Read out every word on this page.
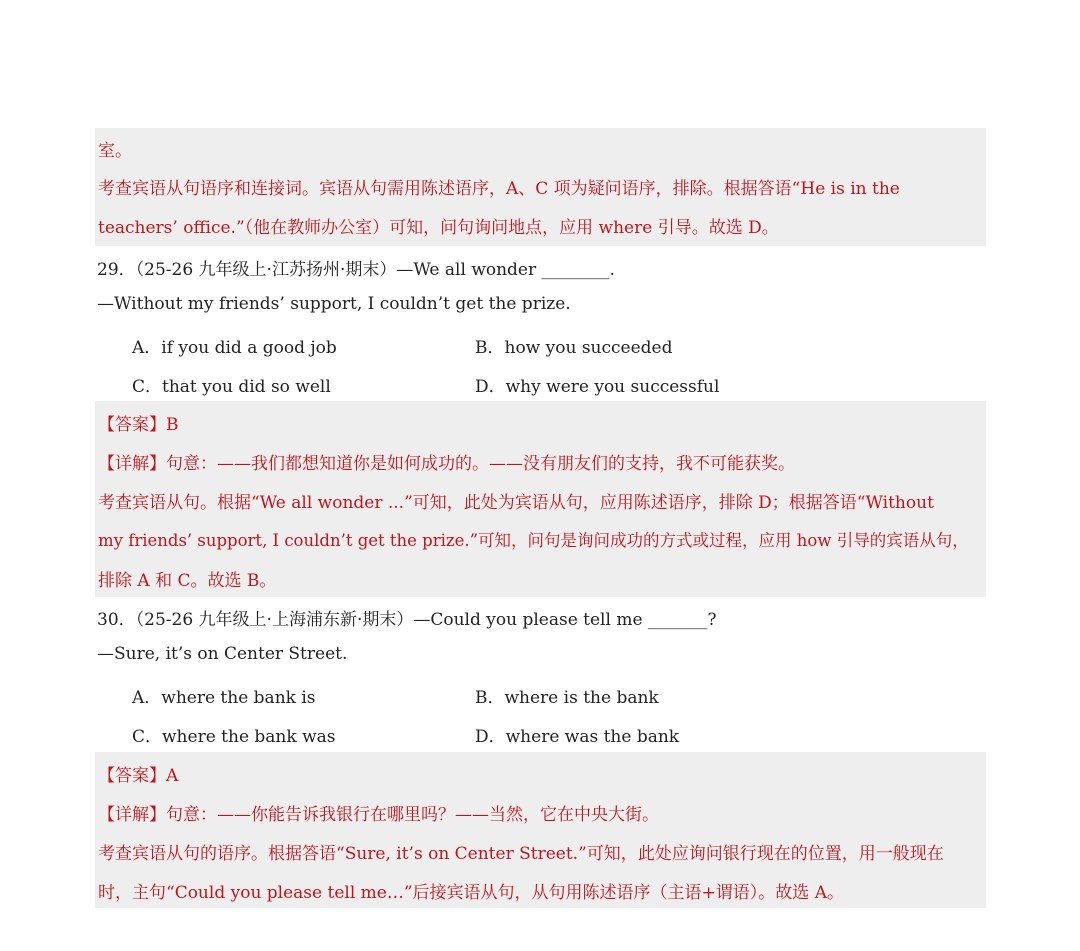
室。
考查宾语从句语序和连接词。宾语从句需用陈述语序，A、C 项为疑问语序，排除。根据答语“He is in the
teachers’ office.”（他在教师办公室）可知，问句询问地点，应用 where 引导。故选 D。
29．（25-26 九年级上·江苏扬州·期末）—We all wonder ________.
—Without my friends’ support, I couldn’t get the prize.
A．if you did a good job	B．how you succeeded
C．that you did so well	D．why were you successful
【答案】B
【详解】句意：——我们都想知道你是如何成功的。——没有朋友们的支持，我不可能获奖。
考查宾语从句。根据“We all wonder ...”可知，此处为宾语从句，应用陈述语序，排除 D；根据答语“Without
my friends’ support, I couldn’t get the prize.”可知，问句是询问成功的方式或过程，应用 how 引导的宾语从句，
排除 A 和 C。故选 B。
30．（25-26 九年级上·上海浦东新·期末）—Could you please tell me _______?
—Sure, it’s on Center Street.
A．where the bank is	B．where is the bank
C．where the bank was	D．where was the bank
【答案】A
【详解】句意：——你能告诉我银行在哪里吗？——当然，它在中央大街。
考查宾语从句的语序。根据答语“Sure, it’s on Center Street.”可知，此处应询问银行现在的位置，用一般现在
时，主句“Could you please tell me…”后接宾语从句，从句用陈述语序（主语+谓语）。故选 A。
